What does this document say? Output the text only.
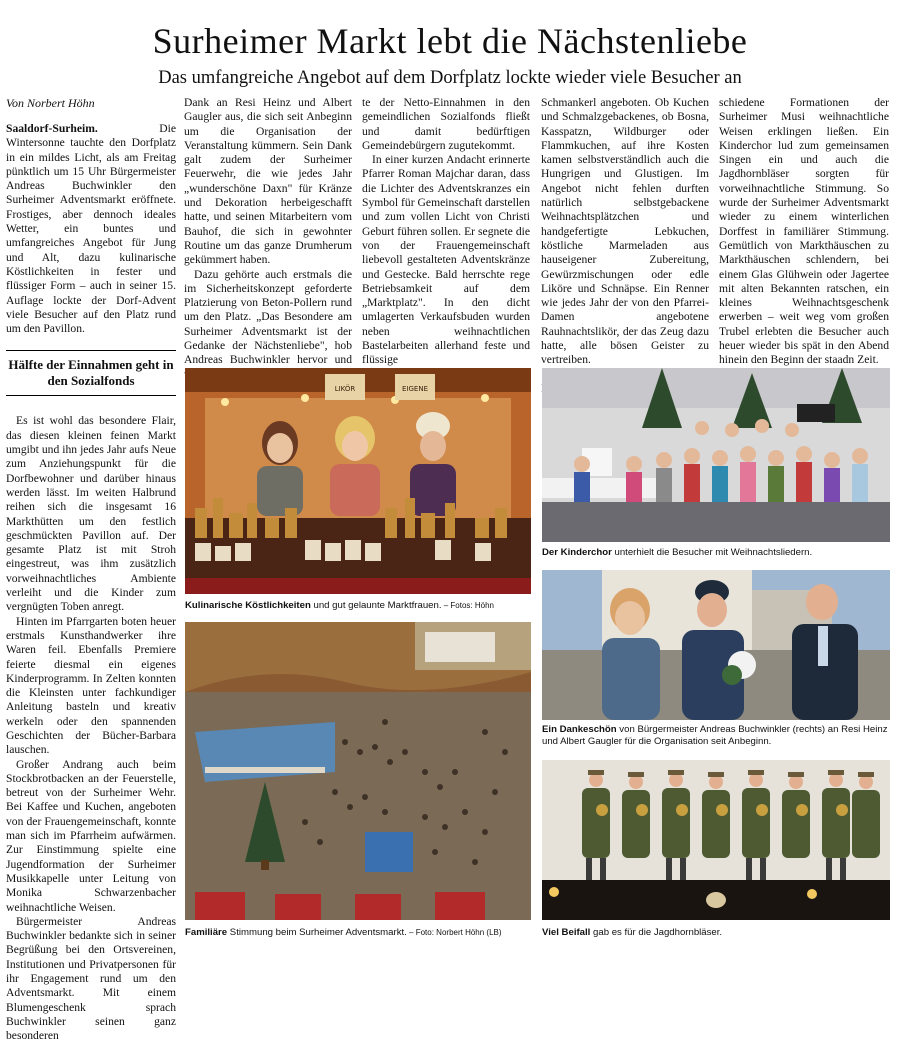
Surheimer Markt lebt die Nächstenliebe
Das umfangreiche Angebot auf dem Dorfplatz lockte wieder viele Besucher an
Von Norbert Höhn

Saaldorf-Surheim. Die Wintersonne tauchte den Dorfplatz in ein mildes Licht, als am Freitag pünktlich um 15 Uhr Bürgermeister Andreas Buchwinkler den Surheimer Adventsmarkt eröffnete. Frostiges, aber dennoch ideales Wetter, ein buntes und umfangreiches Angebot für Jung und Alt, dazu kulinarische Köstlichkeiten in fester und flüssiger Form – auch in seiner 15. Auflage lockte der Dorf-Advent viele Besucher auf den Platz rund um den Pavillon.

Hälfte der Einnahmen geht in den Sozialfonds

Es ist wohl das besondere Flair, das diesen kleinen feinen Markt umgibt und ihn jedes Jahr aufs Neue zum Anziehungspunkt für die Dorfbewohner und darüber hinaus werden lässt. Im weiten Halbrund reihen sich die insgesamt 16 Markthütten um den festlich geschmückten Pavillon auf. Der gesamte Platz ist mit Stroh eingestreut, was ihm zusätzlich vorweihnachtliches Ambiente verleiht und die Kinder zum vergnügten Toben anregt.

Hinten im Pfarrgarten boten heuer erstmals Kunsthandwerker ihre Waren feil. Ebenfalls Premiere feierte diesmal ein eigenes Kinderprogramm. In Zelten konnten die Kleinsten unter fachkundiger Anleitung basteln und kreativ werkeln oder den spannenden Geschichten der Bücher-Barbara lauschen.

Großer Andrang auch beim Stockbrotbacken an der Feuerstelle, betreut von der Surheimer Wehr. Bei Kaffee und Kuchen, angeboten von der Frauengemeinschaft, konnte man sich im Pfarrheim aufwärmen. Zur Einstimmung spielte eine Jugendformation der Surheimer Musikkapelle unter Leitung von Monika Schwarzenbacher weihnachtliche Weisen.

Bürgermeister Andreas Buchwinkler bedankte sich in seiner Begrüßung bei den Ortsvereinen, Institutionen und Privatpersonen für ihr Engagement rund um den Adventsmarkt. Mit einem Blumengeschenk sprach Buchwinkler seinen ganz besonderen

Dank an Resi Heinz und Albert Gaugler aus, die sich seit Anbeginn um die Organisation der Veranstaltung kümmern. Sein Dank galt zudem der Surheimer Feuerwehr, die wie jedes Jahr „wunderschöne Daxn" für Kränze und Dekoration herbeigeschafft hatte, und seinen Mitarbeitern vom Bauhof, die sich in gewohnter Routine um das ganze Drumherum gekümmert haben.

Dazu gehörte auch erstmals die im Sicherheitskonzept geforderte Platzierung von Beton-Pollern rund um den Platz. „Das Besondere am Surheimer Adventsmarkt ist der Gedanke der Nächstenliebe", hob Andreas Buchwinkler hervor und

te der Netto-Einnahmen in den gemeindlichen Sozialfonds fließt und damit bedürftigen Gemeindebürgern zugutekommt.

In einer kurzen Andacht erinnerte Pfarrer Roman Majchar daran, dass die Lichter des Adventskranzes ein Symbol für Gemeinschaft darstellen und zum vollen Licht von Christi Geburt führen sollen. Er segnete die von der Frauengemeinschaft liebevoll gestalteten Adventskränze und Gestecke. Bald herrschte rege Betriebsamkeit auf dem „Marktplatz". In den dicht umlagerten Verkaufsbuden wurden neben weihnachtlichen Bastelarbeiten allerhand feste und flüssige

Schmankerl angeboten. Ob Kuchen und Schmalzgebackenes, ob Bosna, Kasspatzn, Wildburger oder Flammkuchen, auf ihre Kosten kamen selbstverständlich auch die Hungrigen und Glustigen. Im Angebot nicht fehlen durften natürlich selbstgebackene Weihnachtsplätzchen und handgefertigte Lebkuchen, köstliche Marmeladen aus hauseigener Zubereitung, Gewürzmischungen oder edle Liköre und Schnäpse. Ein Renner wie jedes Jahr der von den Pfarrei-Damen angebotene Rauhnachtslikör, der das Zeug dazu hatte, alle bösen Geister zu vertreiben.

schiedene Formationen der Surheimer Musi weihnachtliche Weisen erklingen ließen. Ein Kinderchor lud zum gemeinsamen Singen ein und auch die Jagdhornbläser sorgten für vorweihnachtliche Stimmung. So wurde der Surheimer Adventsmarkt wieder zu einem winterlichen Dorffest in familiärer Stimmung. Gemütlich von Markthäuschen zu Markthäuschen schlendern, bei einem Glas Glühwein oder Jagertee mit alten Bekannten ratschen, ein kleines Weihnachtsgeschenk erwerben – weit weg vom großen Trubel erlebten die Besucher auch heuer wieder bis spät in den Abend hinein den Beginn der staadn Zeit.

LIKÖR	EIGENE
Kulinarische Köstlichkeiten und gut gelaunte Marktfrauen. – Fotos: Höhn
Familiäre Stimmung beim Surheimer Adventsmarkt. – Foto: Norbert Höhn (LB)
Der Kinderchor unterhielt die Besucher mit Weihnachtsliedern.
Ein Dankeschön von Bürgermeister Andreas Buchwinkler (rechts) an Resi Heinz und Albert Gaugler für die Organisation seit Anbeginn.
Viel Beifall gab es für die Jagdhornbläser.
